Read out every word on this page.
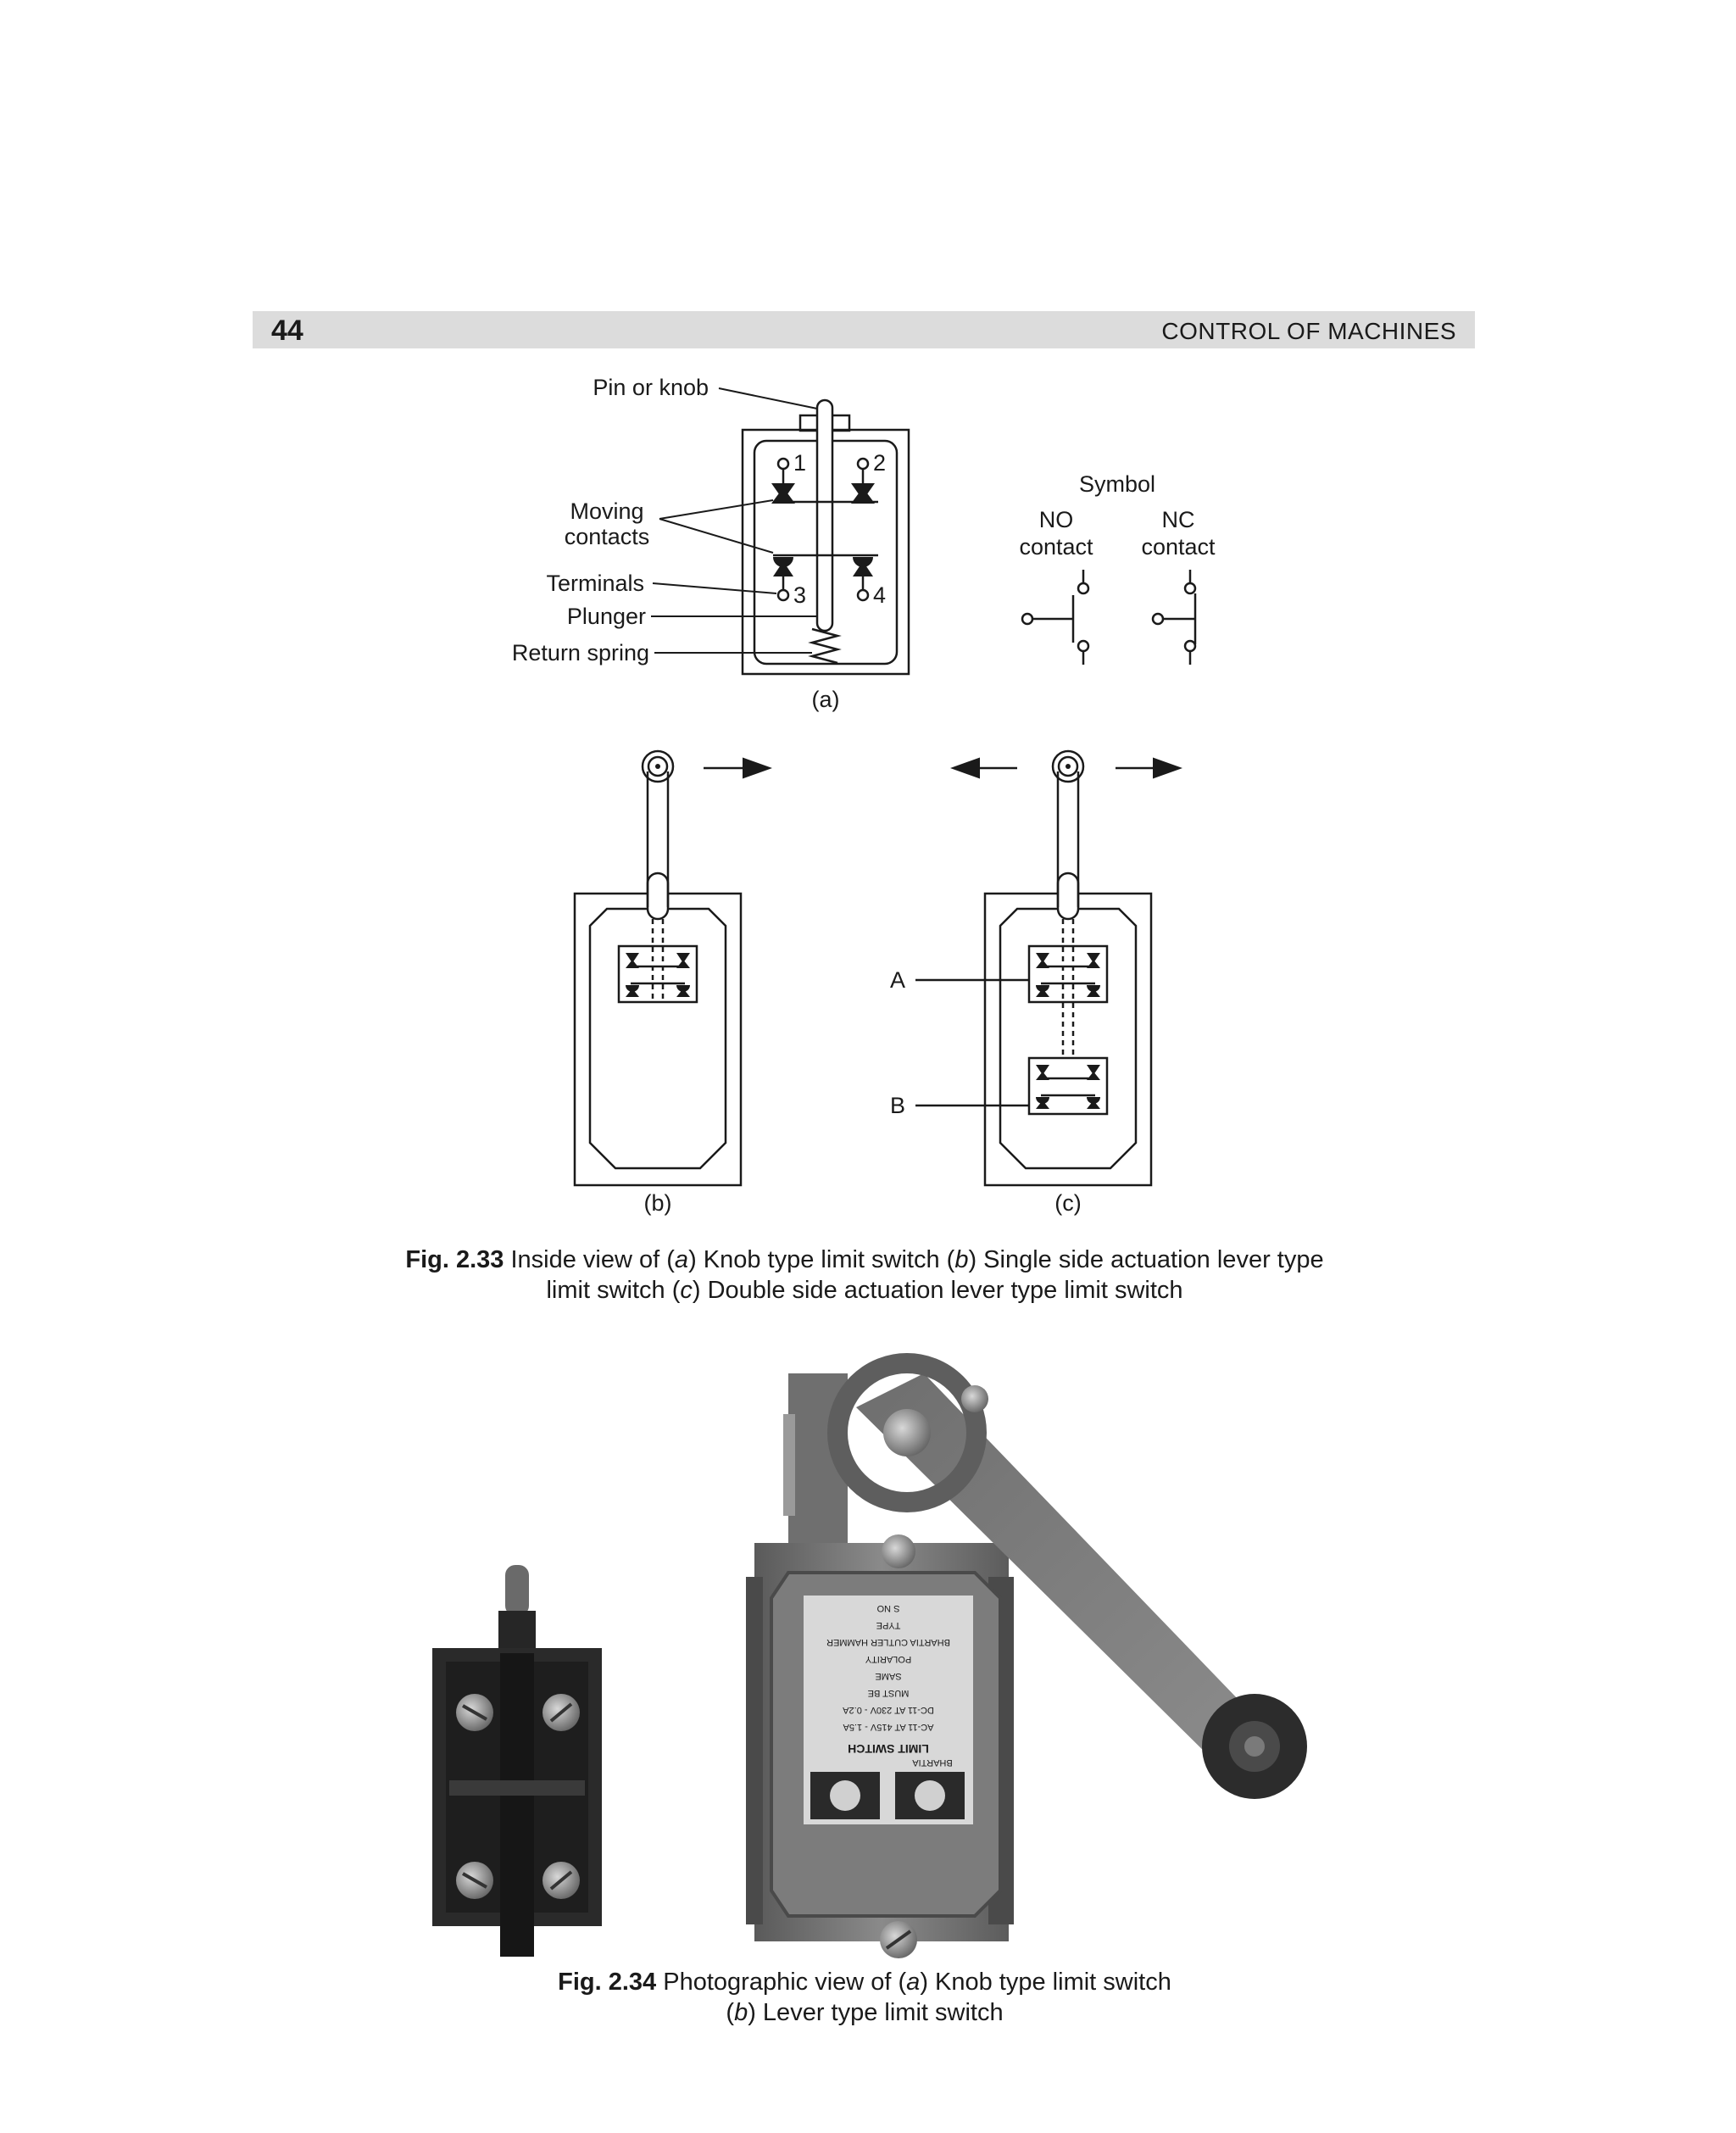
44	CONTROL OF MACHINES
Pin or knob
Moving
contacts
Terminals
Plunger
Return spring
1	2
3	4
(a)
Symbol
NO
contact
NC
contact
(b)
A
B
(c)
Fig. 2.33 Inside view of (a) Knob type limit switch (b) Single side actuation lever type
limit switch (c) Double side actuation lever type limit switch
S NO
TYPE
BHARTIA CUTLER HAMMER
POLARITY
SAME
MUST BE
DC-11 AT 230V - 0.2A
AC-11 AT 415V - 1.5A
LIMIT SWITCH
BHARTIA
Fig. 2.34 Photographic view of (a) Knob type limit switch
(b) Lever type limit switch
